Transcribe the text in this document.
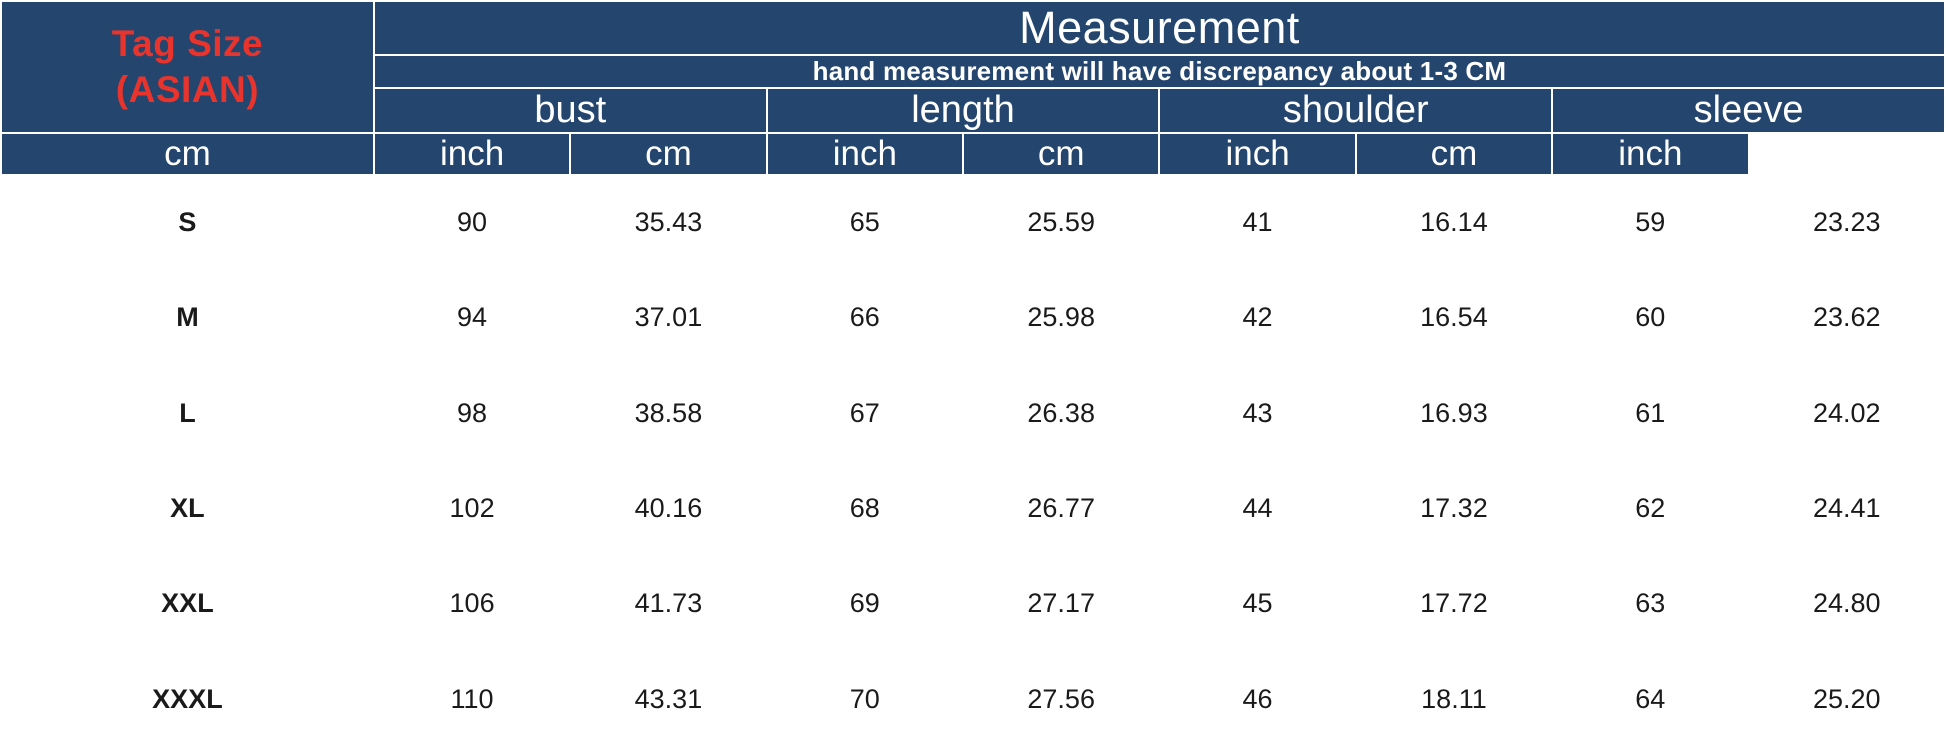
Tag Size
(ASIAN)	Measurement							
	hand measurement will have discrepancy about 1-3 CM							
	bust		length		shoulder		sleeve	
cm	inch	cm	inch	cm	inch	cm	inch	
S	90	35.43	65	25.59	41	16.14	59	23.23
M	94	37.01	66	25.98	42	16.54	60	23.62
L	98	38.58	67	26.38	43	16.93	61	24.02
XL	102	40.16	68	26.77	44	17.32	62	24.41
XXL	106	41.73	69	27.17	45	17.72	63	24.80
XXXL	110	43.31	70	27.56	46	18.11	64	25.20
